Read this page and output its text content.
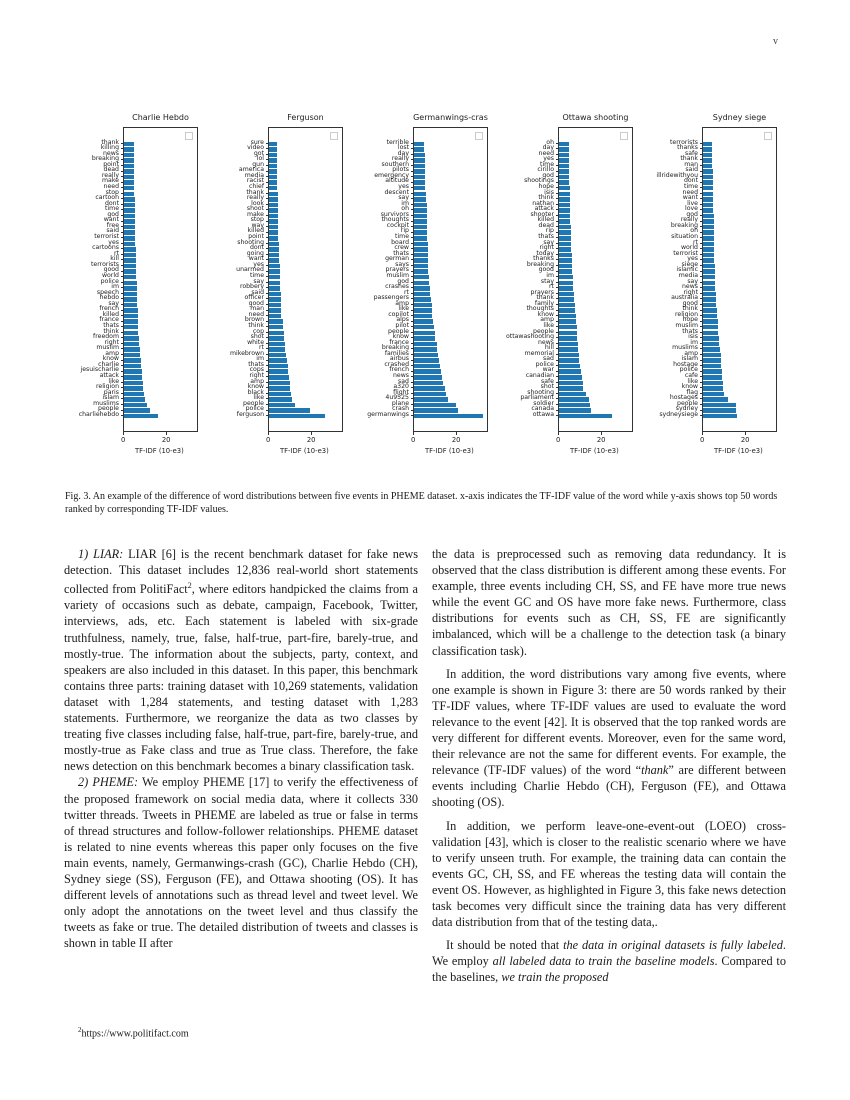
v
Charlie Hebdo
thank
killing
news
breaking
point
dead
really
make
need
stop
cartoon
dont
time
god
want
free
said
terrorist
yes
cartoons
rt
kill
terrorists
good
world
police
im
speech
hebdo
say
french
killed
france
thats
think
freedom
right
muslim
amp
know
charlie
jesuischarlie
attack
like
religion
paris
islam
muslims
people
charliehebdo
0	20
TF-IDF (10-e3)
Ferguson
sure
video
got
lol
gun
america
media
racist
chief
thank
really
look
shoot
make
stop
way
killed
point
shooting
dont
going
want
yes
unarmed
time
say
robbery
said
officer
good
man
need
brown
think
cop
shot
white
rt
mikebrown
im
thats
cops
right
amp
know
black
like
people
police
ferguson
0	20
TF-IDF (10-e3)
Germanwings-cras
terrible
lost
day
really
southern
pilots
emergency
altitude
yes
descent
say
im
oh
survivors
thoughts
cockpit
rip
time
board
crew
thats
german
says
prayers
muslim
god
crashes
rt
passengers
amp
like
copilot
alps
pilot
people
know
france
breaking
families
airbus
crashed
french
news
sad
a320
flight
4u9525
plane
crash
germanwings
0	20
TF-IDF (10-e3)
Ottawa shooting
oh
day
need
yes
time
cirillo
god
shootings
hope
isis
think
nathan
attack
shooter
killed
dead
rip
thats
say
right
today
thanks
breaking
good
im
stay
rt
prayers
thank
family
thoughts
know
amp
like
people
ottawashooting
news
hill
memorial
sad
police
war
canadian
safe
shot
shooting
parliament
soldier
canada
ottawa
0	20
TF-IDF (10-e3)
Sydney siege
terrorists
thanks
safe
thank
man
said
illridewithyou
dont
time
need
want
live
love
god
really
breaking
oh
situation
rt
world
terrorist
yes
siege
islamic
media
say
news
right
australia
good
think
religion
hope
muslim
thats
isis
im
muslims
amp
islam
hostage
police
cafe
like
know
flag
hostages
people
sydney
sydneysiege
0	20
TF-IDF (10-e3)
Fig. 3. An example of the difference of word distributions between five events in PHEME dataset. x-axis indicates the TF-IDF value of the word while y-axis shows top 50 words ranked by corresponding TF-IDF values.

1) LIAR: LIAR [6] is the recent benchmark dataset for fake news detection. This dataset includes 12,836 real-world short statements collected from PolitiFact$^2$, where editors handpicked the claims from a variety of occasions such as debate, campaign, Facebook, Twitter, interviews, ads, etc. Each statement is labeled with six-grade truthfulness, namely, true, false, half-true, part-fire, barely-true, and mostly-true. The information about the subjects, party, context, and speakers are also included in this dataset. In this paper, this benchmark contains three parts: training dataset with 10,269 statements, validation dataset with 1,284 statements, and testing dataset with 1,283 statements. Furthermore, we reorganize the data as two classes by treating five classes including false, half-true, part-fire, barely-true, and mostly-true as Fake class and true as True class. Therefore, the fake news detection on this benchmark becomes a binary classification task.

2) PHEME: We employ PHEME [17] to verify the effectiveness of the proposed framework on social media data, where it collects 330 twitter threads. Tweets in PHEME are labeled as true or false in terms of thread structures and follow-follower relationships. PHEME dataset is related to nine events whereas this paper only focuses on the five main events, namely, Germanwings-crash (GC), Charlie Hebdo (CH), Sydney siege (SS), Ferguson (FE), and Ottawa shooting (OS). It has different levels of annotations such as thread level and tweet level. We only adopt the annotations on the tweet level and thus classify the tweets as fake or true. The detailed distribution of tweets and classes is shown in table II after

the data is preprocessed such as removing data redundancy. It is observed that the class distribution is different among these events. For example, three events including CH, SS, and FE have more true news while the event GC and OS have more fake news. Furthermore, class distributions for events such as CH, SS, FE are significantly imbalanced, which will be a challenge to the detection task (a binary classification task).

In addition, the word distributions vary among five events, where one example is shown in Figure 3: there are 50 words ranked by their TF-IDF values, where TF-IDF values are used to evaluate the word relevance to the event [42]. It is observed that the top ranked words are very different for different events. Moreover, even for the same word, their relevance are not the same for different events. For example, the relevance (TF-IDF values) of the word “thank” are different between events including Charlie Hebdo (CH), Ferguson (FE), and Ottawa shooting (OS).

In addition, we perform leave-one-event-out (LOEO) cross-validation [43], which is closer to the realistic scenario where we have to verify unseen truth. For example, the training data can contain the events GC, CH, SS, and FE whereas the testing data will contain the event OS. However, as highlighted in Figure 3, this fake news detection task becomes very difficult since the training data has very different data distribution from that of the testing data,.

It should be noted that the data in original datasets is fully labeled. We employ all labeled data to train the baseline models. Compared to the baselines, we train the proposed

$^2$https://www.politifact.com
